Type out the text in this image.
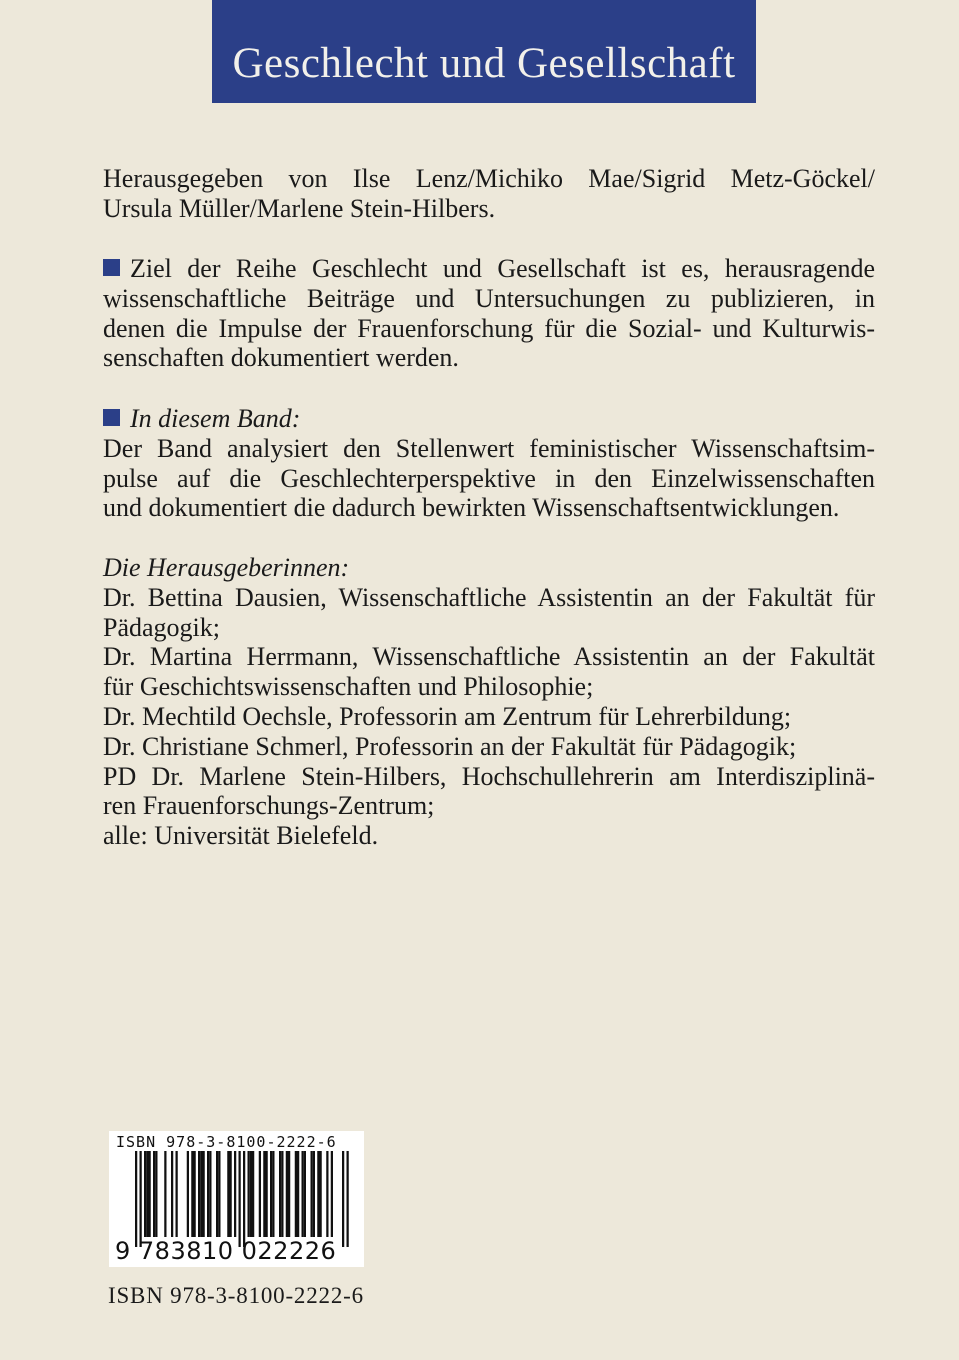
Geschlecht und Gesellschaft
Herausgegeben von Ilse Lenz/Michiko Mae/Sigrid Metz-Göckel/
Ursula Müller/Marlene Stein-Hilbers.
Ziel der Reihe Geschlecht und Gesellschaft ist es, herausragende
wissenschaftliche Beiträge und Untersuchungen zu publizieren, in
denen die Impulse der Frauenforschung für die Sozial- und Kulturwis-
senschaften dokumentiert werden.
In diesem Band:
Der Band analysiert den Stellenwert feministischer Wissenschaftsim-
pulse auf die Geschlechterperspektive in den Einzelwissenschaften
und dokumentiert die dadurch bewirkten Wissenschaftsentwicklungen.
Die Herausgeberinnen:
Dr. Bettina Dausien, Wissenschaftliche Assistentin an der Fakultät für
Pädagogik;
Dr. Martina Herrmann, Wissenschaftliche Assistentin an der Fakultät
für Geschichtswissenschaften und Philosophie;
Dr. Mechtild Oechsle, Professorin am Zentrum für Lehrerbildung;
Dr. Christiane Schmerl, Professorin an der Fakultät für Pädagogik;
PD Dr. Marlene Stein-Hilbers, Hochschullehrerin am Interdisziplinä-
ren Frauenforschungs-Zentrum;
alle: Universität Bielefeld.
ISBN 978-3-8100-2222-6
9 783810 022226
ISBN 978-3-8100-2222-6
